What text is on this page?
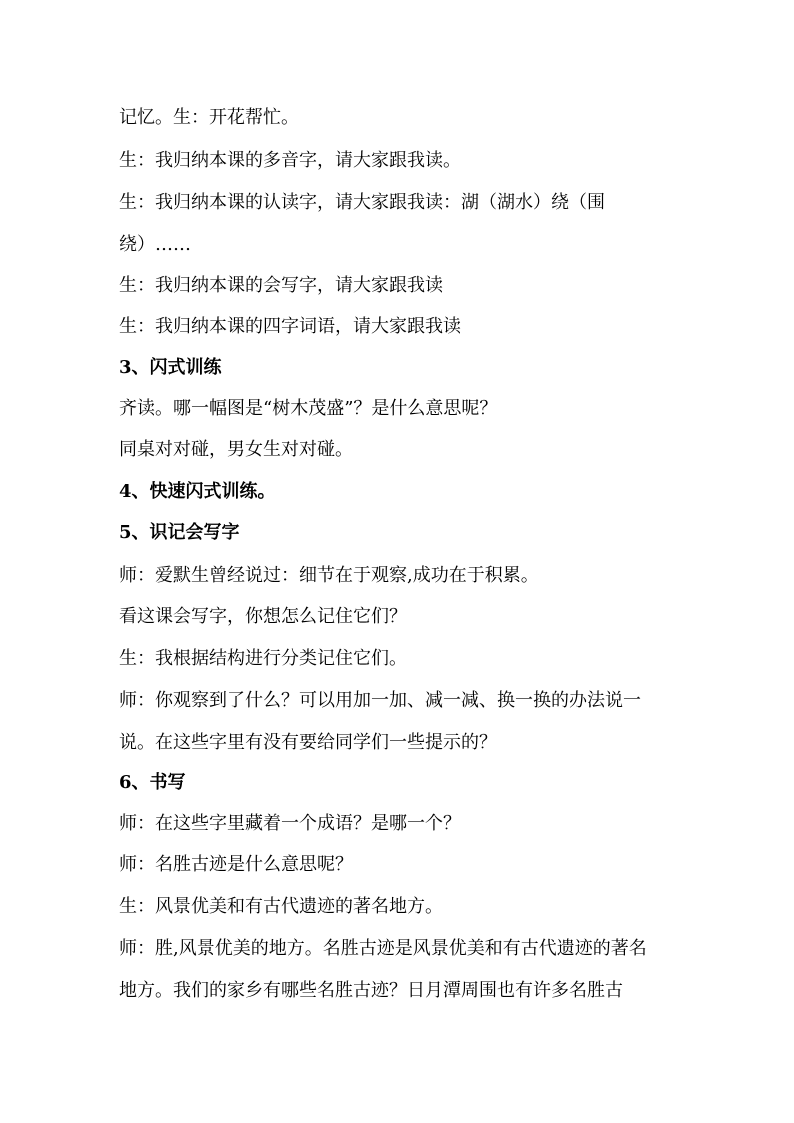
记忆。生：开花帮忙。
生：我归纳本课的多音字，请大家跟我读。
生：我归纳本课的认读字，请大家跟我读：湖（湖水）绕（围
绕）……
生：我归纳本课的会写字，请大家跟我读
生：我归纳本课的四字词语，请大家跟我读
3、闪式训练
齐读。哪一幅图是“树木茂盛”？是什么意思呢？
同桌对对碰，男女生对对碰。
4、快速闪式训练。
5、识记会写字
师：爱默生曾经说过：细节在于观察,成功在于积累。
看这课会写字，你想怎么记住它们？
生：我根据结构进行分类记住它们。
师：你观察到了什么？可以用加一加、减一减、换一换的办法说一
说。在这些字里有没有要给同学们一些提示的？
6、书写
师：在这些字里藏着一个成语？是哪一个？
师：名胜古迹是什么意思呢？
生：风景优美和有古代遗迹的著名地方。
师：胜,风景优美的地方。名胜古迹是风景优美和有古代遗迹的著名
地方。我们的家乡有哪些名胜古迹？日月潭周围也有许多名胜古
